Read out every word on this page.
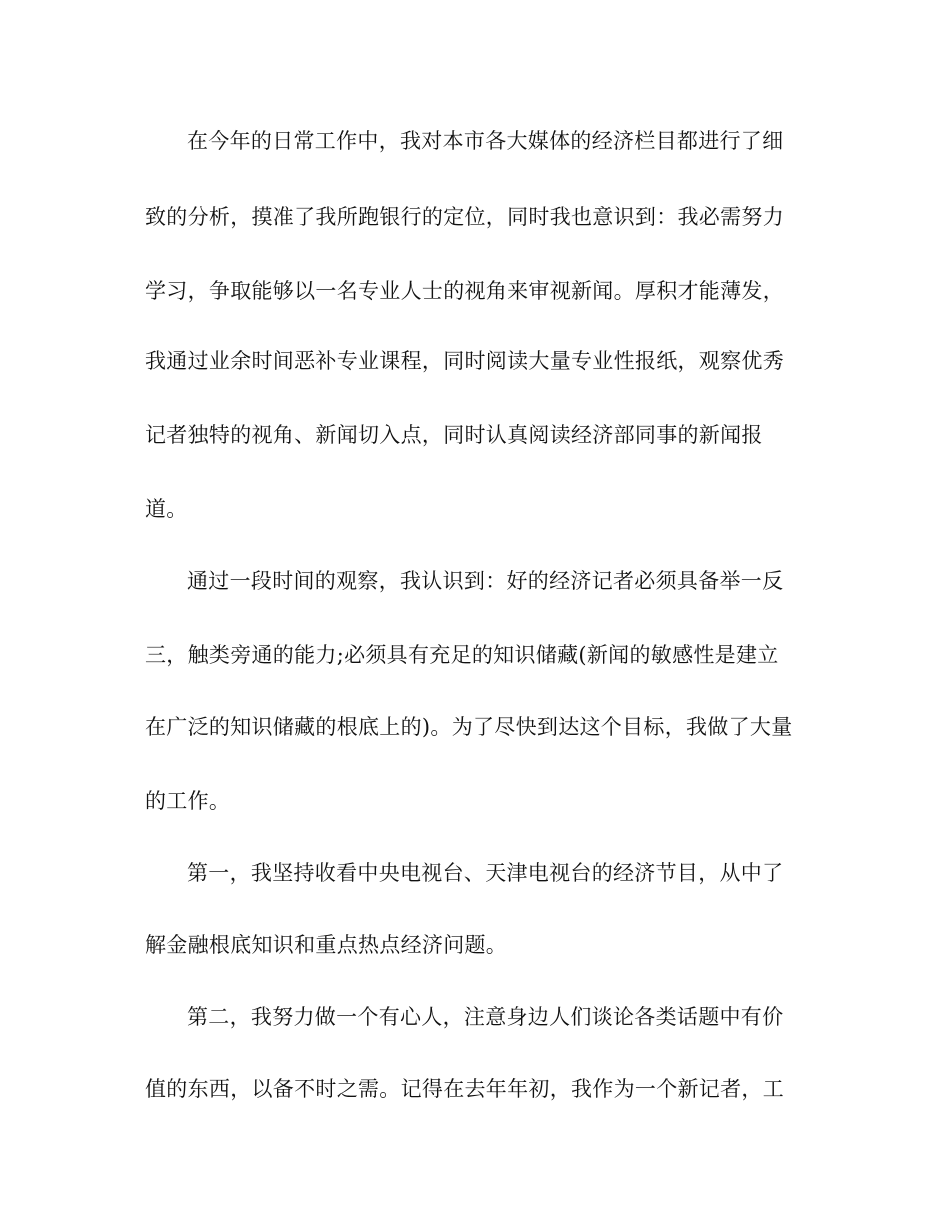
在今年的日常工作中，我对本市各大媒体的经济栏目都进行了细
致的分析，摸准了我所跑银行的定位，同时我也意识到：我必需努力
学习，争取能够以一名专业人士的视角来审视新闻。厚积才能薄发，
我通过业余时间恶补专业课程，同时阅读大量专业性报纸，观察优秀
记者独特的视角、新闻切入点，同时认真阅读经济部同事的新闻报
道。
通过一段时间的观察，我认识到：好的经济记者必须具备举一反
三，触类旁通的能力;必须具有充足的知识储藏(新闻的敏感性是建立
在广泛的知识储藏的根底上的)。为了尽快到达这个目标，我做了大量
的工作。
第一，我坚持收看中央电视台、天津电视台的经济节目，从中了
解金融根底知识和重点热点经济问题。
第二，我努力做一个有心人，注意身边人们谈论各类话题中有价
值的东西，以备不时之需。记得在去年年初，我作为一个新记者，工
